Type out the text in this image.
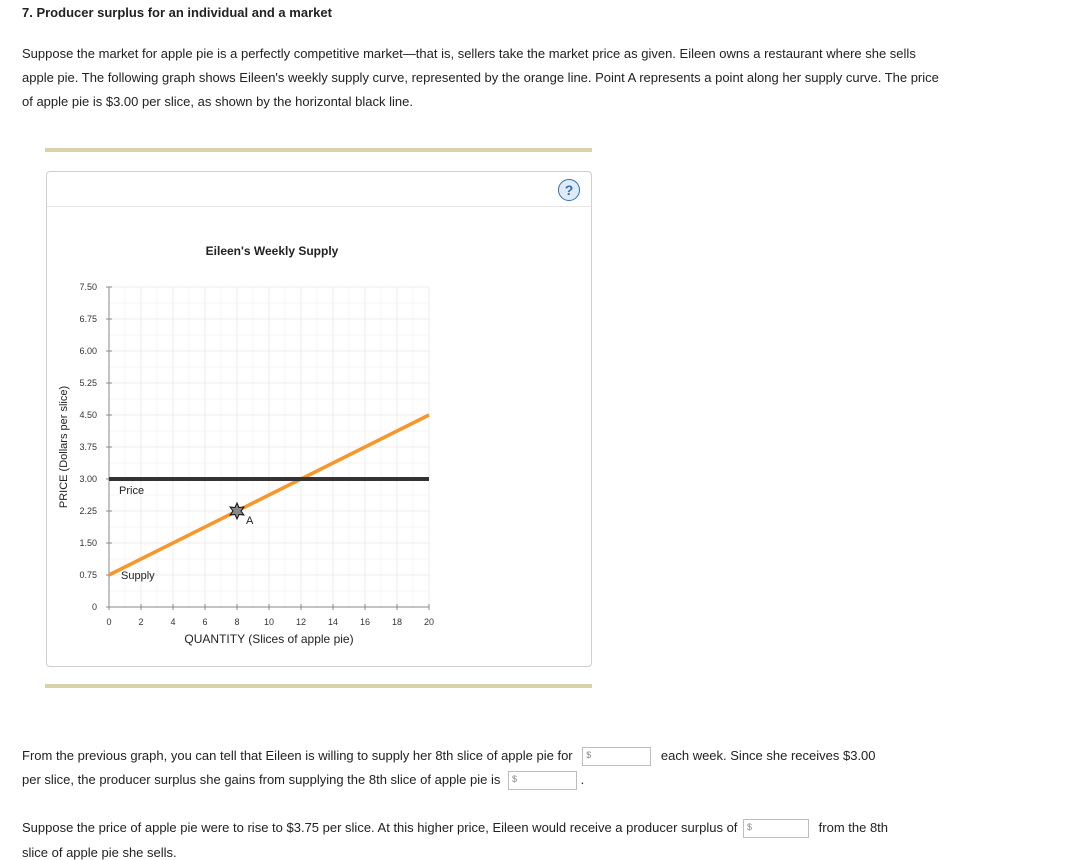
7. Producer surplus for an individual and a market
Suppose the market for apple pie is a perfectly competitive market—that is, sellers take the market price as given. Eileen owns a restaurant where she sells apple pie. The following graph shows Eileen's weekly supply curve, represented by the orange line. Point A represents a point along her supply curve. The price of apple pie is $3.00 per slice, as shown by the horizontal black line.
?
Eileen's Weekly Supply
0	2	4	6	8	10 12 14 16 18 20
0
0.75
1.50
2.25
3.00
3.75
4.50
5.25
6.00
6.75
7.50
Price
Supply
A
QUANTITY (Slices of apple pie)
PRICE (Dollars per slice)
From the previous graph, you can tell that Eileen is willing to supply her 8th slice of apple pie for $	each week. Since she receives $3.00
per slice, the producer surplus she gains from supplying the 8th slice of apple pie is $	.
Suppose the price of apple pie were to rise to $3.75 per slice. At this higher price, Eileen would receive a producer surplus of $	from the 8th
slice of apple pie she sells.
